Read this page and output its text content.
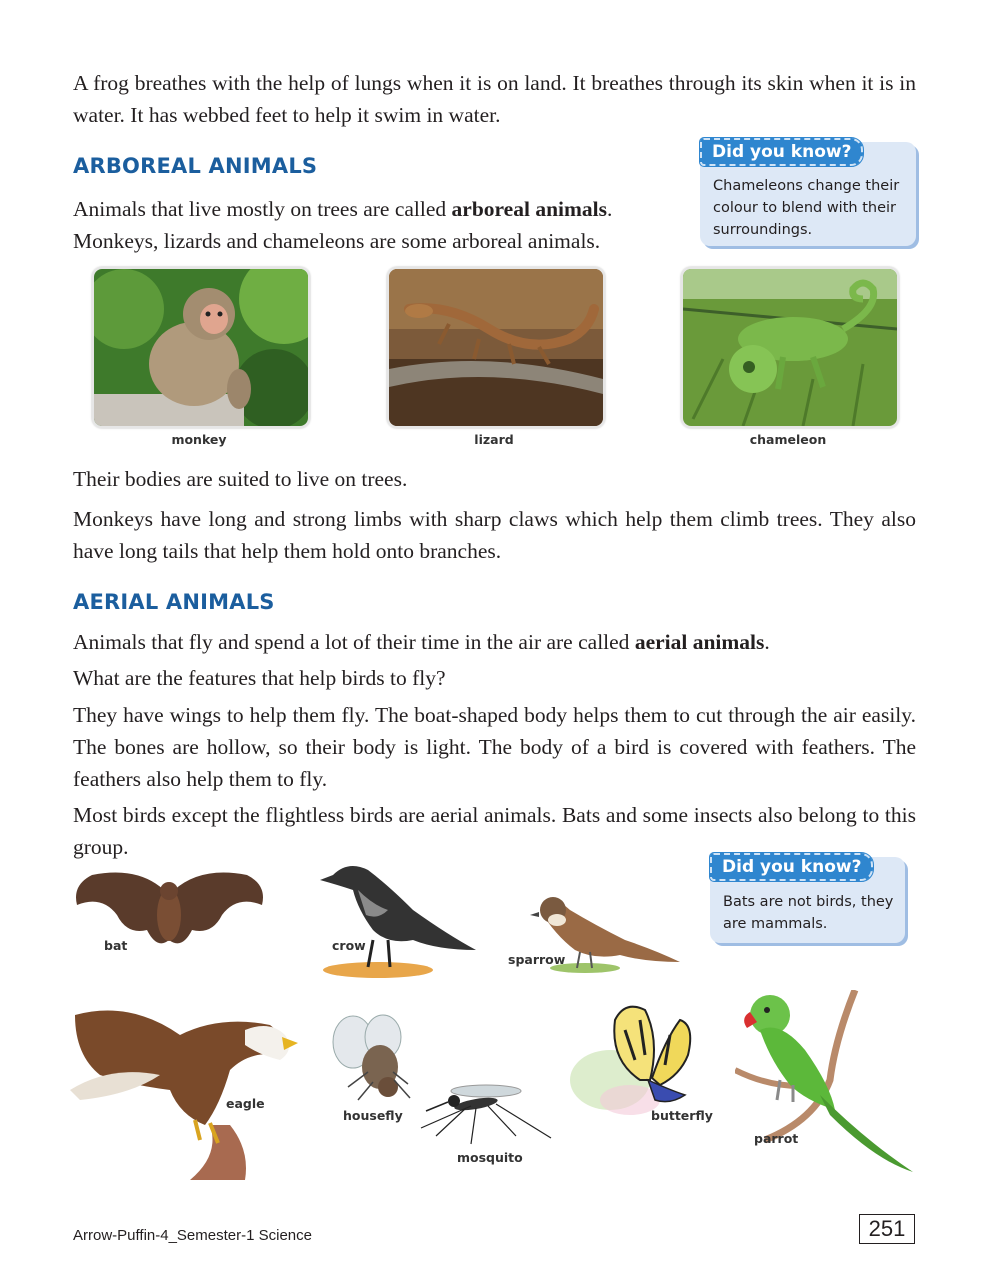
A frog breathes with the help of lungs when it is on land. It breathes through its skin when it is in water. It has webbed feet to help it swim in water.

ARBOREAL ANIMALS

Animals that live mostly on trees are called arboreal animals.

Monkeys, lizards and chameleons are some arboreal animals.

Did you know?
Chameleons change their colour to blend with their surroundings.
monkey	lizard	chameleon

Their bodies are suited to live on trees.

Monkeys have long and strong limbs with sharp claws which help them climb trees. They also have long tails that help them hold onto branches.

AERIAL ANIMALS

Animals that fly and spend a lot of their time in the air are called aerial animals.

What are the features that help birds to fly?

They have wings to help them fly. The boat-shaped body helps them to cut through the air easily. The bones are hollow, so their body is light. The body of a bird is covered with feathers. The feathers also help them to fly.

Most birds except the flightless birds are aerial animals. Bats and some insects also belong to this group.

Did you know?
Bats are not birds, they are mammals.
bat	crow
sparrow
eagle
housefly
mosquito
butterfly
parrot
Arrow-Puffin-4_Semester-1 Science	251
